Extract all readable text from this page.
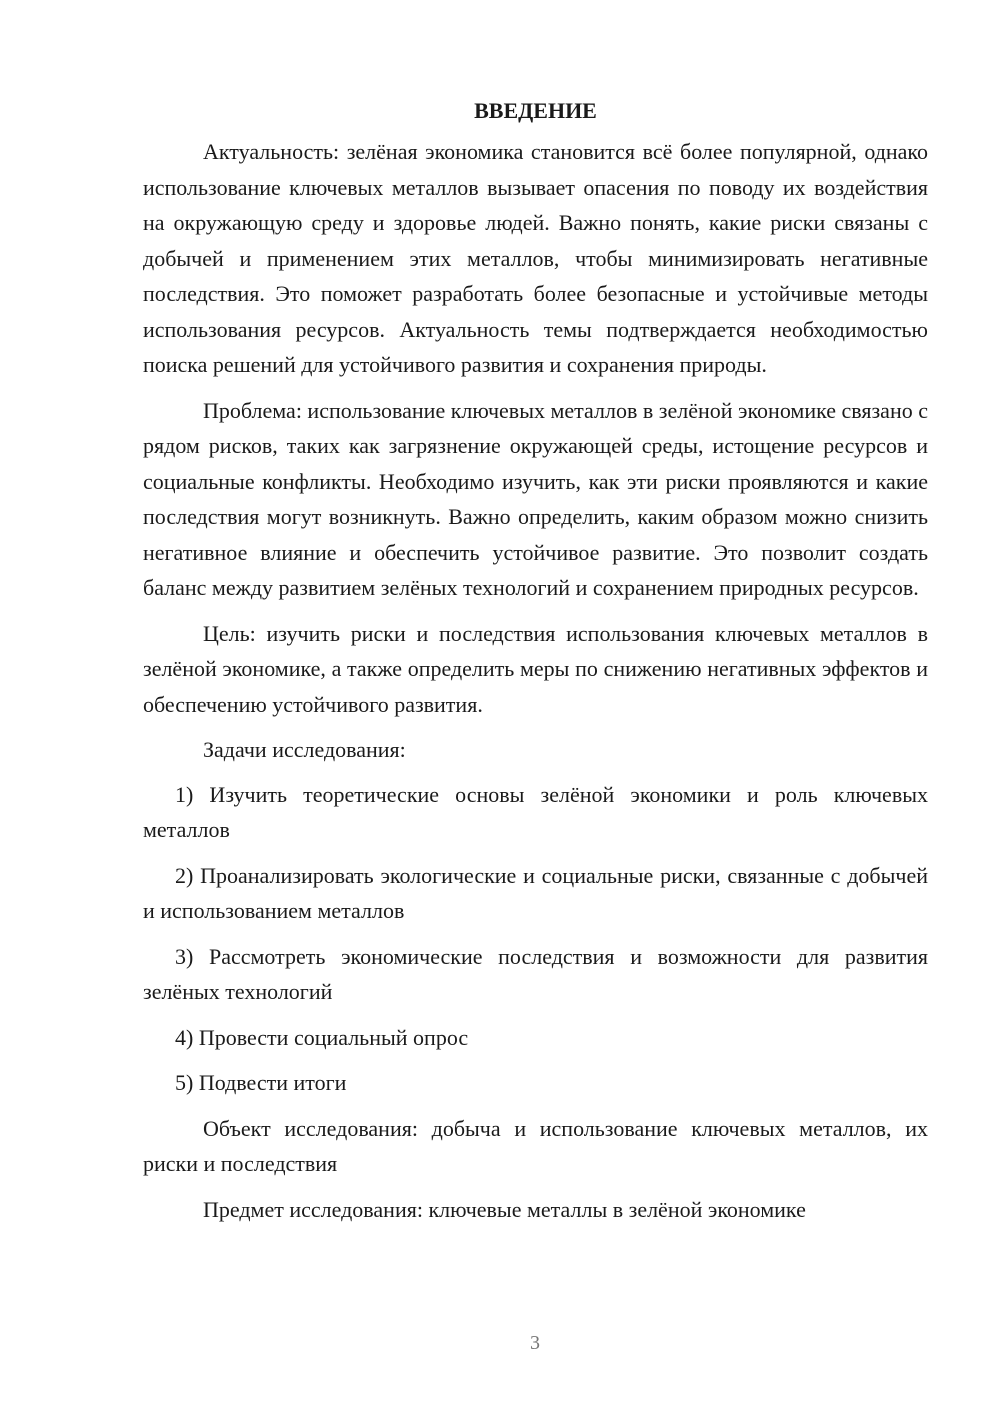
ВВЕДЕНИЕ

Актуальность: зелёная экономика становится всё более популярной, однако использование ключевых металлов вызывает опасения по поводу их воздействия на окружающую среду и здоровье людей. Важно понять, какие риски связаны с добычей и применением этих металлов, чтобы минимизировать негативные последствия. Это поможет разработать более безопасные и устойчивые методы использования ресурсов. Актуальность темы подтверждается необходимостью поиска решений для устойчивого развития и сохранения природы.

Проблема: использование ключевых металлов в зелёной экономике связано с рядом рисков, таких как загрязнение окружающей среды, истощение ресурсов и социальные конфликты. Необходимо изучить, как эти риски проявляются и какие последствия могут возникнуть. Важно определить, каким образом можно снизить негативное влияние и обеспечить устойчивое развитие. Это позволит создать баланс между развитием зелёных технологий и сохранением природных ресурсов.

Цель: изучить риски и последствия использования ключевых металлов в зелёной экономике, а также определить меры по снижению негативных эффектов и обеспечению устойчивого развития.

Задачи исследования:

1) Изучить теоретические основы зелёной экономики и роль ключевых металлов

2) Проанализировать экологические и социальные риски, связанные с добычей и использованием металлов

3) Рассмотреть экономические последствия и возможности для развития зелёных технологий

4) Провести социальный опрос

5) Подвести итоги

Объект исследования: добыча и использование ключевых металлов, их риски и последствия

Предмет исследования: ключевые металлы в зелёной экономике

3
